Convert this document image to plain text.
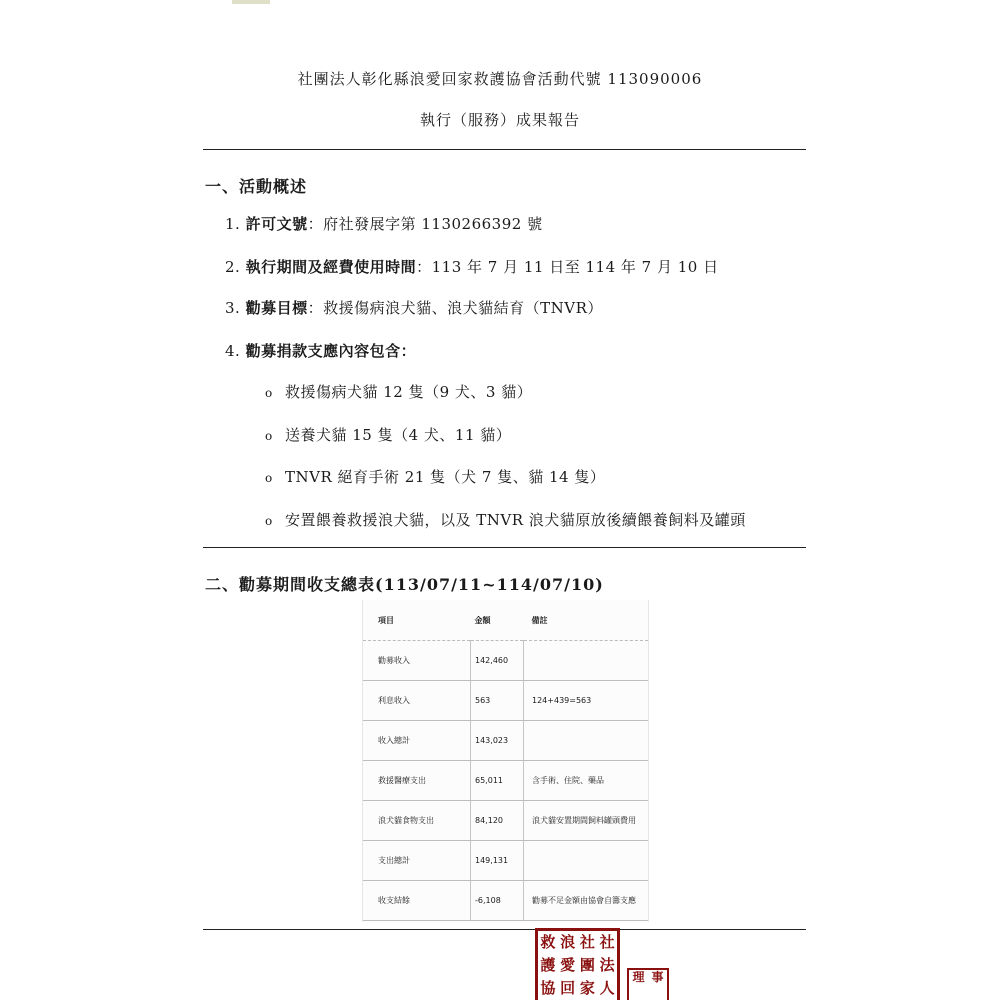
社團法人彰化縣浪愛回家救護協會活動代號 113090006
執行（服務）成果報告
一、活動概述
1. 許可文號：府社發展字第 1130266392 號
2. 執行期間及經費使用時間：113 年 7 月 11 日至 114 年 7 月 10 日
3. 勸募目標：救援傷病浪犬貓、浪犬貓結育（TNVR）
4. 勸募捐款支應內容包含：
o 救援傷病犬貓 12 隻（9 犬、3 貓）
o 送養犬貓 15 隻（4 犬、11 貓）
o TNVR 絕育手術 21 隻（犬 7 隻、貓 14 隻）
o 安置餵養救援浪犬貓，以及 TNVR 浪犬貓原放後續餵養飼料及罐頭
二、勸募期間收支總表(113/07/11~114/07/10)
項目	金額	備註
勸募收入	142,460	
利息收入	563	124+439=563
收入總計	143,023	
救援醫療支出	65,011	含手術、住院、藥品
浪犬貓食物支出	84,120	浪犬貓安置期間飼料罐頭費用
支出總計	149,131	
收支結餘	-6,108	勸募不足金額由協會自籌支應
救 浪 社 社
護 愛 團 法
協 回 家 人
理 事
